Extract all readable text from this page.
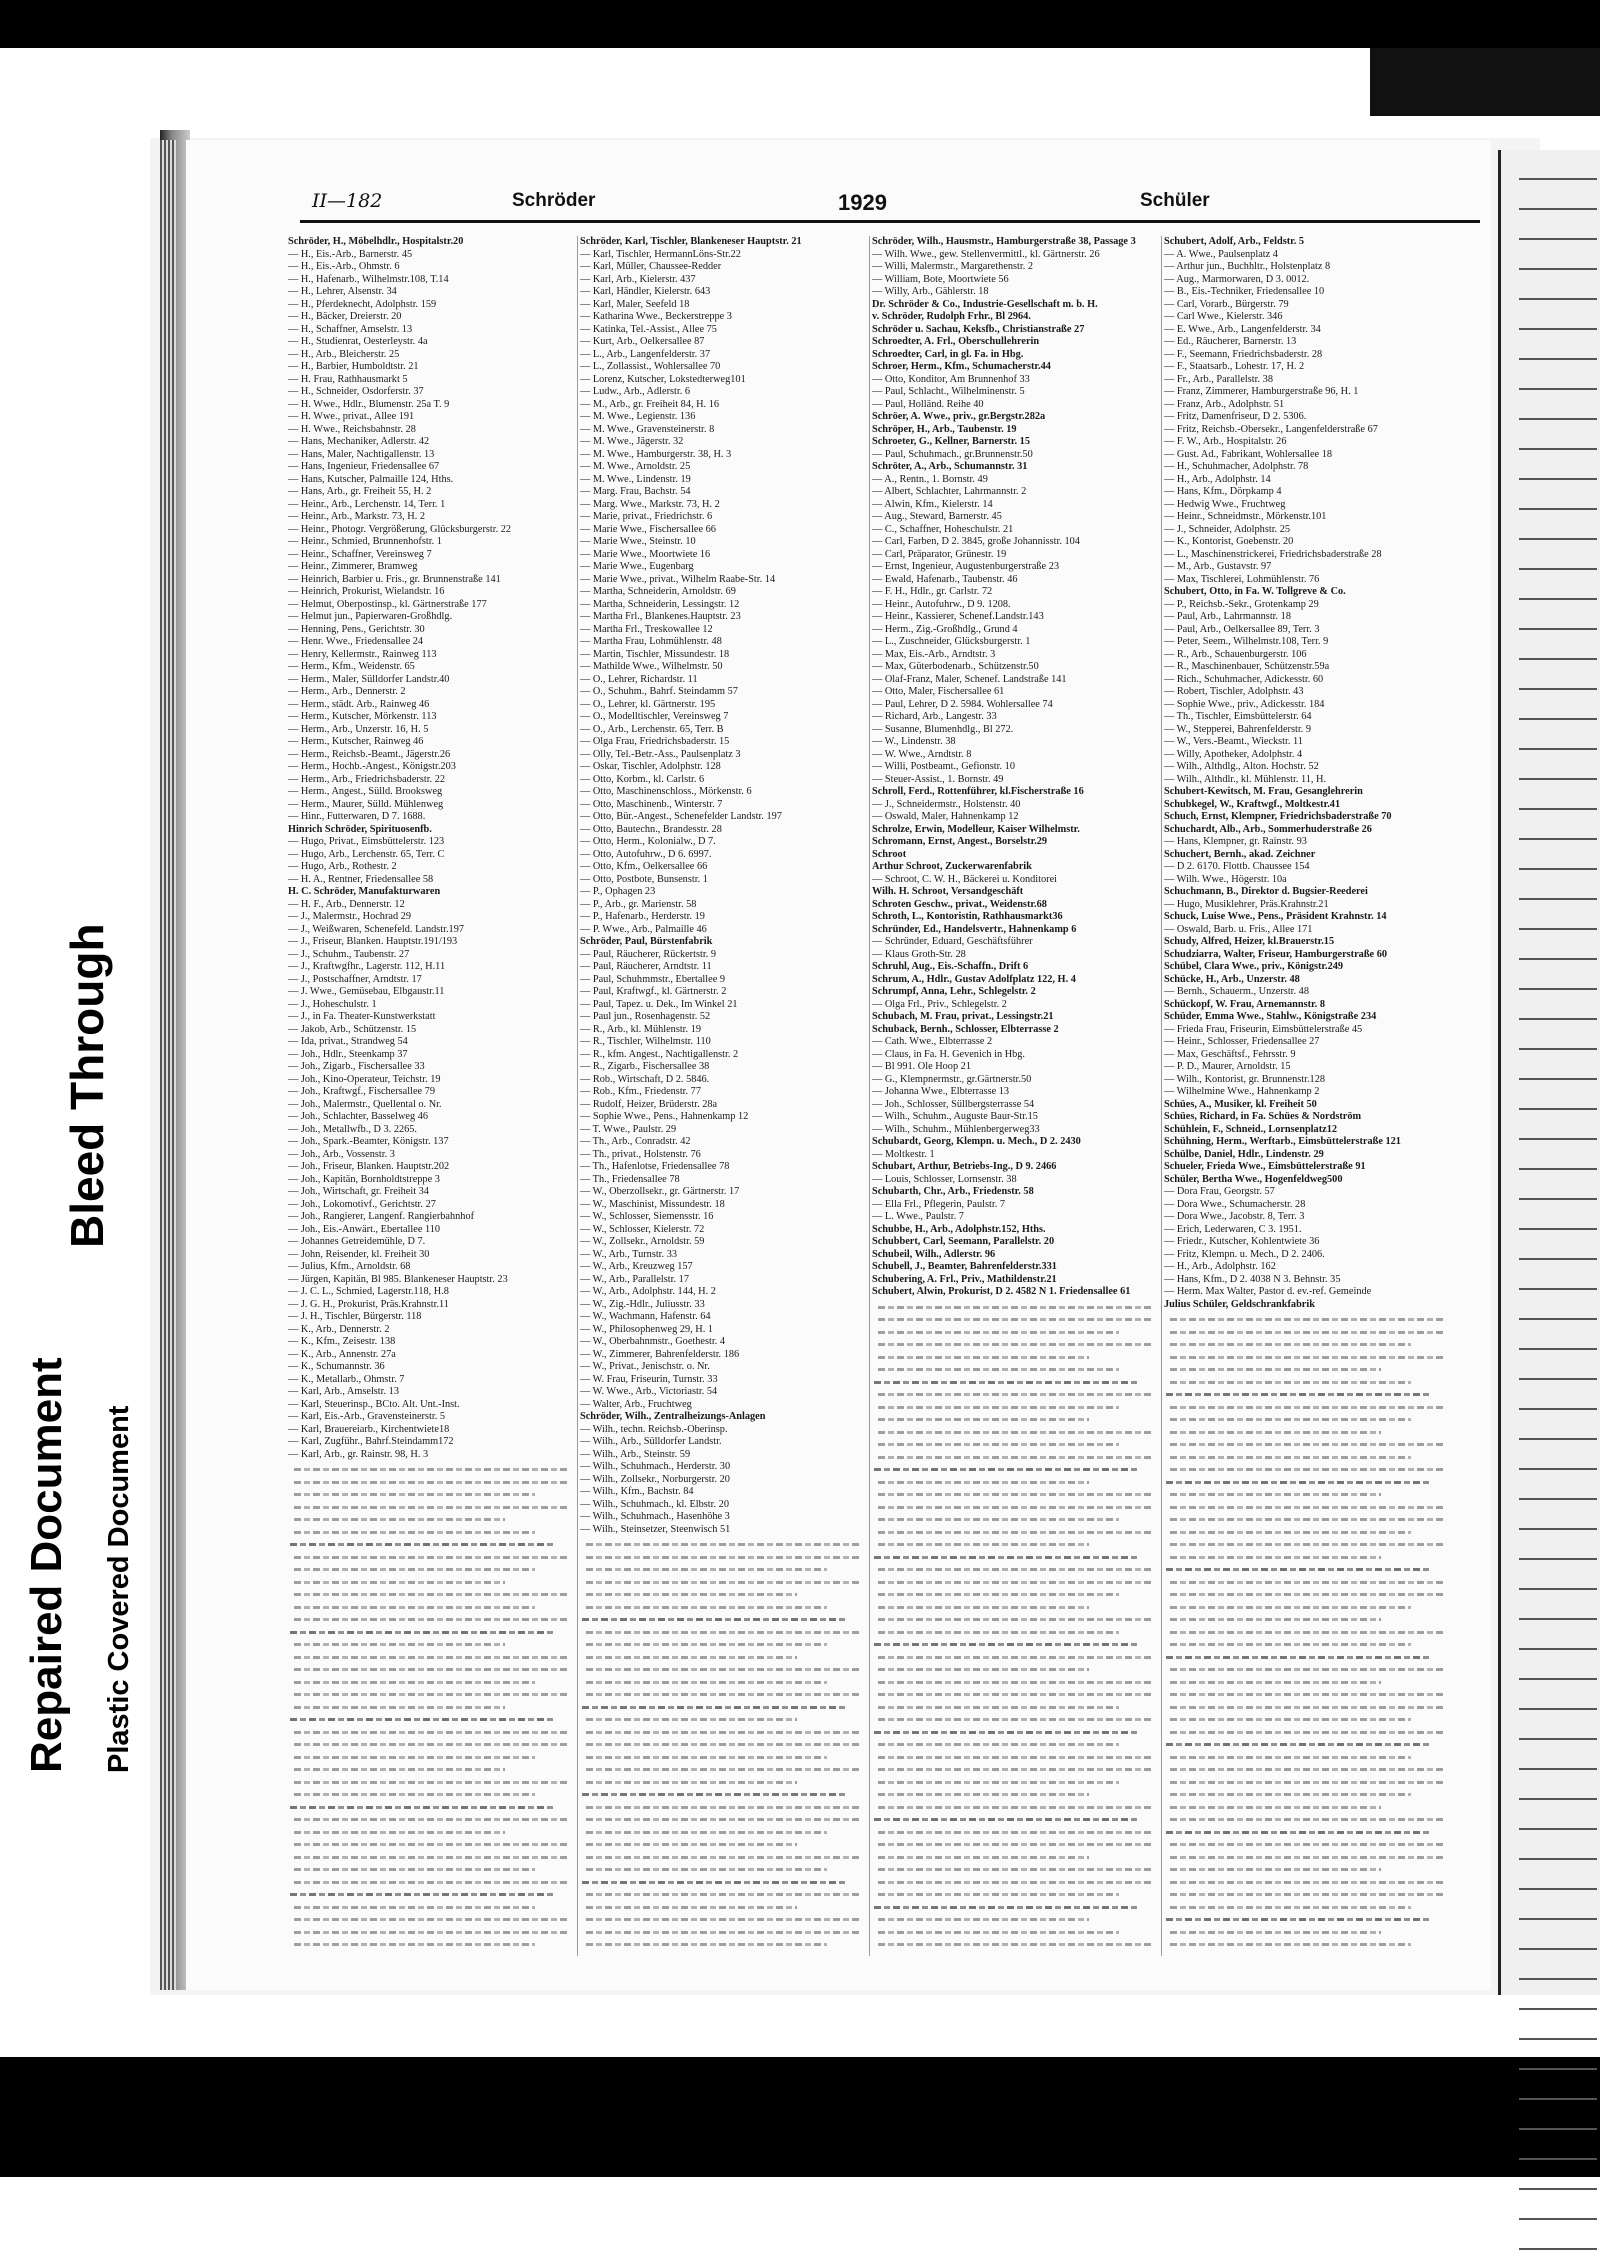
II—182	Schröder	1929	Schüler
Schröder, H., Möbelhdlr., Hospitalstr.20
— H., Eis.-Arb., Barnerstr. 45
— H., Eis.-Arb., Ohmstr. 6
— H., Hafenarb., Wilhelmstr.108, T.14
— H., Lehrer, Alsenstr. 34
— H., Pferdeknecht, Adolphstr. 159
— H., Bäcker, Dreierstr. 20
— H., Schaffner, Amselstr. 13
— H., Studienrat, Oesterleystr. 4a
— H., Arb., Bleicherstr. 25
— H., Barbier, Humboldtstr. 21
— H. Frau, Rathhausmarkt 5
— H., Schneider, Osdorferstr. 37
— H. Wwe., Hdlr., Blumenstr. 25a T. 9
— H. Wwe., privat., Allee 191
— H. Wwe., Reichsbahnstr. 28
— Hans, Mechaniker, Adlerstr. 42
— Hans, Maler, Nachtigallenstr. 13
— Hans, Ingenieur, Friedensallee 67
— Hans, Kutscher, Palmaille 124, Hths.
— Hans, Arb., gr. Freiheit 55, H. 2
— Heinr., Arb., Lerchenstr. 14, Terr. 1
— Heinr., Arb., Markstr. 73, H. 2
— Heinr., Photogr. Vergrößerung, Glücksburgerstr. 22
— Heinr., Schmied, Brunnenhofstr. 1
— Heinr., Schaffner, Vereinsweg 7
— Heinr., Zimmerer, Bramweg
— Heinrich, Barbier u. Fris., gr. Brunnenstraße 141
— Heinrich, Prokurist, Wielandstr. 16
— Helmut, Oberpostinsp., kl. Gärtnerstraße 177
— Helmut jun., Papierwaren-Großhdlg.
— Henning, Pens., Gerichtstr. 30
— Henr. Wwe., Friedensallee 24
— Henry, Kellermstr., Rainweg 113
— Herm., Kfm., Weidenstr. 65
— Herm., Maler, Sülldorfer Landstr.40
— Herm., Arb., Dennerstr. 2
— Herm., städt. Arb., Rainweg 46
— Herm., Kutscher, Mörkenstr. 113
— Herm., Arb., Unzerstr. 16, H. 5
— Herm., Kutscher, Rainweg 46
— Herm., Reichsb.-Beamt., Jägerstr.26
— Herm., Hochb.-Angest., Königstr.203
— Herm., Arb., Friedrichsbaderstr. 22
— Herm., Angest., Sülld. Brooksweg
— Herm., Maurer, Sülld. Mühlenweg
— Hinr., Futterwaren, D 7. 1688.
Hinrich Schröder, Spirituosenfb.
— Hugo, Privat., Eimsbüttelerstr. 123
— Hugo, Arb., Lerchenstr. 65, Terr. C
— Hugo, Arb., Rothestr. 2
— H. A., Rentner, Friedensallee 58
H. C. Schröder, Manufakturwaren
— H. F., Arb., Dennerstr. 12
— J., Malermstr., Hochrad 29
— J., Weißwaren, Schenefeld. Landstr.197
— J., Friseur, Blanken. Hauptstr.191/193
— J., Schuhm., Taubenstr. 27
— J., Kraftwgfhr., Lagerstr. 112, H.11
— J., Postschaffner, Arndtstr. 17
— J. Wwe., Gemüsebau, Elbgaustr.11
— J., Hoheschulstr. 1
— J., in Fa. Theater-Kunstwerkstatt
— Jakob, Arb., Schützenstr. 15
— Ida, privat., Strandweg 54
— Joh., Hdlr., Steenkamp 37
— Joh., Zigarb., Fischersallee 33
— Joh., Kino-Operateur, Teichstr. 19
— Joh., Kraftwgf., Fischersallee 79
— Joh., Malermstr., Quellental o. Nr.
— Joh., Schlachter, Basselweg 46
— Joh., Metallwfb., D 3. 2265.
— Joh., Spark.-Beamter, Königstr. 137
— Joh., Arb., Vossenstr. 3
— Joh., Friseur, Blanken. Hauptstr.202
— Joh., Kapitän, Bornholdtstreppe 3
— Joh., Wirtschaft, gr. Freiheit 34
— Joh., Lokomotivf., Gerichtstr. 27
— Joh., Rangierer, Langenf. Rangierbahnhof
— Joh., Eis.-Anwärt., Ebertallee 110
— Johannes Getreidemühle, D 7.
— John, Reisender, kl. Freiheit 30
— Julius, Kfm., Arnoldstr. 68
— Jürgen, Kapitän, Bl 985. Blankeneser Hauptstr. 23
— J. C. L., Schmied, Lagerstr.118, H.8
— J. G. H., Prokurist, Präs.Krahnstr.11
— J. H., Tischler, Bürgerstr. 118
— K., Arb., Dennerstr. 2
— K., Kfm., Zeisestr. 138
— K., Arb., Annenstr. 27a
— K., Schumannstr. 36
— K., Metallarb., Ohmstr. 7
— Karl, Arb., Amselstr. 13
— Karl, Steuerinsp., BCto. Alt. Unt.-Inst.
— Karl, Eis.-Arb., Gravensteinerstr. 5
— Karl, Brauereiarb., Kirchentwiete18
— Karl, Zugführ., Bahrf.Steindamm172
— Karl, Arb., gr. Rainstr. 98, H. 3
Schröder, Karl, Tischler, Blankeneser Hauptstr. 21
— Karl, Tischler, HermannLöns-Str.22
— Karl, Müller, Chaussee-Redder
— Karl, Arb., Kielerstr. 437
— Karl, Händler, Kielerstr. 643
— Karl, Maler, Seefeld 18
— Katharina Wwe., Beckerstreppe 3
— Katinka, Tel.-Assist., Allee 75
— Kurt, Arb., Oelkersallee 87
— L., Arb., Langenfelderstr. 37
— L., Zollassist., Wohlersallee 70
— Lorenz, Kutscher, Lokstedterweg101
— Ludw., Arb., Adlerstr. 6
— M., Arb., gr. Freiheit 84, H. 16
— M. Wwe., Legienstr. 136
— M. Wwe., Gravensteinerstr. 8
— M. Wwe., Jägerstr. 32
— M. Wwe., Hamburgerstr. 38, H. 3
— M. Wwe., Arnoldstr. 25
— M. Wwe., Lindenstr. 19
— Marg. Frau, Bachstr. 54
— Marg. Wwe., Markstr. 73, H. 2
— Marie, privat., Friedrichstr. 6
— Marie Wwe., Fischersallee 66
— Marie Wwe., Steinstr. 10
— Marie Wwe., Moortwiete 16
— Marie Wwe., Eugenbarg
— Marie Wwe., privat., Wilhelm Raabe-Str. 14
— Martha, Schneiderin, Arnoldstr. 69
— Martha, Schneiderin, Lessingstr. 12
— Martha Frl., Blankenes.Hauptstr. 23
— Martha Frl., Treskowallee 12
— Martha Frau, Lohmühlenstr. 48
— Martin, Tischler, Missundestr. 18
— Mathilde Wwe., Wilhelmstr. 50
— O., Lehrer, Richardstr. 11
— O., Schuhm., Bahrf. Steindamm 57
— O., Lehrer, kl. Gärtnerstr. 195
— O., Modelltischler, Vereinsweg 7
— O., Arb., Lerchenstr. 65, Terr. B
— Olga Frau, Friedrichsbaderstr. 15
— Olly, Tel.-Betr.-Ass., Paulsenplatz 3
— Oskar, Tischler, Adolphstr. 128
— Otto, Korbm., kl. Carlstr. 6
— Otto, Maschinenschloss., Mörkenstr. 6
— Otto, Maschinenb., Winterstr. 7
— Otto, Bür.-Angest., Schenefelder Landstr. 197
— Otto, Bautechn., Brandesstr. 28
— Otto, Herm., Kolonialw., D 7.
— Otto, Autofuhrw., D 6. 6997.
— Otto, Kfm., Oelkersallee 66
— Otto, Postbote, Bunsenstr. 1
— P., Ophagen 23
— P., Arb., gr. Marienstr. 58
— P., Hafenarb., Herderstr. 19
— P. Wwe., Arb., Palmaille 46
Schröder, Paul, Bürstenfabrik
— Paul, Räucherer, Rückertstr. 9
— Paul, Räucherer, Arndtstr. 11
— Paul, Schuhmmstr., Ebertallee 9
— Paul, Kraftwgf., kl. Gärtnerstr. 2
— Paul, Tapez. u. Dek., Im Winkel 21
— Paul jun., Rosenhagenstr. 52
— R., Arb., kl. Mühlenstr. 19
— R., Tischler, Wilhelmstr. 110
— R., kfm. Angest., Nachtigallenstr. 2
— R., Zigarb., Fischersallee 38
— Rob., Wirtschaft, D 2. 5846.
— Rob., Kfm., Friedenstr. 77
— Rudolf, Heizer, Brüderstr. 28a
— Sophie Wwe., Pens., Hahnenkamp 12
— T. Wwe., Paulstr. 29
— Th., Arb., Conradstr. 42
— Th., privat., Holstenstr. 76
— Th., Hafenlotse, Friedensallee 78
— Th., Friedensallee 78
— W., Oberzollsekr., gr. Gärtnerstr. 17
— W., Maschinist, Missundestr. 18
— W., Schlosser, Siemensstr. 16
— W., Schlosser, Kielerstr. 72
— W., Zollsekr., Arnoldstr. 59
— W., Arb., Turnstr. 33
— W., Arb., Kreuzweg 157
— W., Arb., Parallelstr. 17
— W., Arb., Adolphstr. 144, H. 2
— W., Zig.-Hdlr., Juliusstr. 33
— W., Wachmann, Hafenstr. 64
— W., Philosophenweg 29, H. 1
— W., Oberbahnmstr., Goethestr. 4
— W., Zimmerer, Bahrenfelderstr. 186
— W., Privat., Jenischstr. o. Nr.
— W. Frau, Friseurin, Turnstr. 33
— W. Wwe., Arb., Victoriastr. 54
— Walter, Arb., Fruchtweg
Schröder, Wilh., Zentralheizungs-Anlagen
— Wilh., techn. Reichsb.-Oberinsp.
— Wilh., Arb., Sülldorfer Landstr.
— Wilh., Arb., Steinstr. 59
— Wilh., Schuhmach., Herderstr. 30
— Wilh., Zollsekr., Norburgerstr. 20
— Wilh., Kfm., Bachstr. 84
— Wilh., Schuhmach., kl. Elbstr. 20
— Wilh., Schuhmach., Hasenhöhe 3
— Wilh., Steinsetzer, Steenwisch 51
Schröder, Wilh., Hausmstr., Hamburgerstraße 38, Passage 3
— Wilh. Wwe., gew. Stellenvermittl., kl. Gärtnerstr. 26
— Willi, Malermstr., Margarethenstr. 2
— William, Bote, Moortwiete 56
— Willy, Arb., Gählerstr. 18
Dr. Schröder & Co., Industrie-Gesellschaft m. b. H.
v. Schröder, Rudolph Frhr., Bl 2964.
Schröder u. Sachau, Keksfb., Christianstraße 27
Schroedter, A. Frl., Oberschullehrerin
Schroedter, Carl, in gl. Fa. in Hbg.
Schroer, Herm., Kfm., Schumacherstr.44
— Otto, Konditor, Am Brunnenhof 33
— Paul, Schlacht., Wilhelminenstr. 5
— Paul, Holländ. Reihe 40
Schröer, A. Wwe., priv., gr.Bergstr.282a
Schröper, H., Arb., Taubenstr. 19
Schroeter, G., Kellner, Barnerstr. 15
— Paul, Schuhmach., gr.Brunnenstr.50
Schröter, A., Arb., Schumannstr. 31
— A., Rentn., 1. Bornstr. 49
— Albert, Schlachter, Lahrmannstr. 2
— Alwin, Kfm., Kielerstr. 14
— Aug., Steward, Barnerstr. 45
— C., Schaffner, Hoheschulstr. 21
— Carl, Farben, D 2. 3845, große Johannisstr. 104
— Carl, Präparator, Grünestr. 19
— Ernst, Ingenieur, Augustenburgerstraße 23
— Ewald, Hafenarb., Taubenstr. 46
— F. H., Hdlr., gr. Carlstr. 72
— Heinr., Autofuhrw., D 9. 1208.
— Heinr., Kassierer, Schenef.Landstr.143
— Herm., Zig.-Großhdlg., Grund 4
— L., Zuschneider, Glücksburgerstr. 1
— Max, Eis.-Arb., Arndtstr. 3
— Max, Güterbodenarb., Schützenstr.50
— Olaf-Franz, Maler, Schenef. Landstraße 141
— Otto, Maler, Fischersallee 61
— Paul, Lehrer, D 2. 5984. Wohlersallee 74
— Richard, Arb., Langestr. 33
— Susanne, Blumenhdlg., Bl 272.
— W., Lindenstr. 38
— W. Wwe., Arndtstr. 8
— Willi, Postbeamt., Gefionstr. 10
— Steuer-Assist., 1. Bornstr. 49
Schroll, Ferd., Rottenführer, kl.Fischerstraße 16
— J., Schneidermstr., Holstenstr. 40
— Oswald, Maler, Hahnenkamp 12
Schrolze, Erwin, Modelleur, Kaiser Wilhelmstr.
Schromann, Ernst, Angest., Borselstr.29
Schroot
Arthur Schroot, Zuckerwarenfabrik
— Schroot, C. W. H., Bäckerei u. Konditorei
Wilh. H. Schroot, Versandgeschäft
Schroten Geschw., privat., Weidenstr.68
Schroth, L., Kontoristin, Rathhausmarkt36
Schründer, Ed., Handelsvertr., Hahnenkamp 6
— Schründer, Eduard, Geschäftsführer
— Klaus Groth-Str. 28
Schruhl, Aug., Eis.-Schaffn., Drift 6
Schrum, A., Hdlr., Gustav Adolfplatz 122, H. 4
Schrumpf, Anna, Lehr., Schlegelstr. 2
— Olga Frl., Priv., Schlegelstr. 2
Schubach, M. Frau, privat., Lessingstr.21
Schuback, Bernh., Schlosser, Elbterrasse 2
— Cath. Wwe., Elbterrasse 2
— Claus, in Fa. H. Gevenich in Hbg.
— Bl 991. Ole Hoop 21
— G., Klempnermstr., gr.Gärtnerstr.50
— Johanna Wwe., Elbterrasse 13
— Joh., Schlosser, Süllbergsterrasse 54
— Wilh., Schuhm., Auguste Baur-Str.15
— Wilh., Schuhm., Mühlenbergerweg33
Schubardt, Georg, Klempn. u. Mech., D 2. 2430
— Moltkestr. 1
Schubart, Arthur, Betriebs-Ing., D 9. 2466
— Louis, Schlosser, Lornsenstr. 38
Schubarth, Chr., Arb., Friedenstr. 58
— Ella Frl., Pflegerin, Paulstr. 7
— L. Wwe., Paulstr. 7
Schubbe, H., Arb., Adolphstr.152, Hths.
Schubbert, Carl, Seemann, Parallelstr. 20
Schubeil, Wilh., Adlerstr. 96
Schubell, J., Beamter, Bahrenfelderstr.331
Schubering, A. Frl., Priv., Mathildenstr.21
Schubert, Alwin, Prokurist, D 2. 4582 N 1. Friedensallee 61
Schubert, Adolf, Arb., Feldstr. 5
— A. Wwe., Paulsenplatz 4
— Arthur jun., Buchhltr., Holstenplatz 8
— Aug., Marmorwaren, D 3. 0012.
— B., Eis.-Techniker, Friedensallee 10
— Carl, Vorarb., Bürgerstr. 79
— Carl Wwe., Kielerstr. 346
— E. Wwe., Arb., Langenfelderstr. 34
— Ed., Räucherer, Barnerstr. 13
— F., Seemann, Friedrichsbaderstr. 28
— F., Staatsarb., Lohestr. 17, H. 2
— Fr., Arb., Parallelstr. 38
— Franz, Zimmerer, Hamburgerstraße 96, H. 1
— Franz, Arb., Adolphstr. 51
— Fritz, Damenfriseur, D 2. 5306.
— Fritz, Reichsb.-Obersekr., Langenfelderstraße 67
— F. W., Arb., Hospitalstr. 26
— Gust. Ad., Fabrikant, Wohlersallee 18
— H., Schuhmacher, Adolphstr. 78
— H., Arb., Adolphstr. 14
— Hans, Kfm., Dörpkamp 4
— Hedwig Wwe., Fruchtweg
— Heinr., Schneidmstr., Mörkenstr.101
— J., Schneider, Adolphstr. 25
— K., Kontorist, Goebenstr. 20
— L., Maschinenstrickerei, Friedrichsbaderstraße 28
— M., Arb., Gustavstr. 97
— Max, Tischlerei, Lohmühlenstr. 76
Schubert, Otto, in Fa. W. Tollgreve & Co.
— P., Reichsb.-Sekr., Grotenkamp 29
— Paul, Arb., Lahrmannstr. 18
— Paul, Arb., Oelkersallee 89, Terr. 3
— Peter, Seem., Wilhelmstr.108, Terr. 9
— R., Arb., Schauenburgerstr. 106
— R., Maschinenbauer, Schützenstr.59a
— Rich., Schuhmacher, Adickesstr. 60
— Robert, Tischler, Adolphstr. 43
— Sophie Wwe., priv., Adickesstr. 184
— Th., Tischler, Eimsbüttelerstr. 64
— W., Stepperei, Bahrenfelderstr. 9
— W., Vers.-Beamt., Wieckstr. 11
— Willy, Apotheker, Adolphstr. 4
— Wilh., Althdlg., Alton. Hochstr. 52
— Wilh., Althdlr., kl. Mühlenstr. 11, H.
Schubert-Kewitsch, M. Frau, Gesanglehrerin
Schubkegel, W., Kraftwgf., Moltkestr.41
Schuch, Ernst, Klempner, Friedrichsbaderstraße 70
Schuchardt, Alb., Arb., Sommerhuderstraße 26
— Hans, Klempner, gr. Rainstr. 93
Schuchert, Bernh., akad. Zeichner
— D 2. 6170. Flottb. Chaussee 154
— Wilh. Wwe., Högerstr. 10a
Schuchmann, B., Direktor d. Bugsier-Reederei
— Hugo, Musiklehrer, Präs.Krahnstr.21
Schuck, Luise Wwe., Pens., Präsident Krahnstr. 14
— Oswald, Barb. u. Fris., Allee 171
Schudy, Alfred, Heizer, kl.Brauerstr.15
Schudziarra, Walter, Friseur, Hamburgerstraße 60
Schübel, Clara Wwe., priv., Königstr.249
Schücke, H., Arb., Unzerstr. 48
— Bernh., Schauerm., Unzerstr. 48
Schückopf, W. Frau, Arnemannstr. 8
Schüder, Emma Wwe., Stahlw., Königstraße 234
— Frieda Frau, Friseurin, Eimsbüttelerstraße 45
— Heinr., Schlosser, Friedensallee 27
— Max, Geschäftsf., Fehrsstr. 9
— P. D., Maurer, Arnoldstr. 15
— Wilh., Kontorist, gr. Brunnenstr.128
— Wilhelmine Wwe., Hahnenkamp 2
Schües, A., Musiker, kl. Freiheit 50
Schües, Richard, in Fa. Schües & Nordström
Schühlein, F., Schneid., Lornsenplatz12
Schühning, Herm., Werftarb., Eimsbüttelerstraße 121
Schülbe, Daniel, Hdlr., Lindenstr. 29
Schueler, Frieda Wwe., Eimsbüttelerstraße 91
Schüler, Bertha Wwe., Hogenfeldweg500
— Dora Frau, Georgstr. 57
— Dora Wwe., Schumacherstr. 28
— Dora Wwe., Jacobstr. 8, Terr. 3
— Erich, Lederwaren, C 3. 1951.
— Friedr., Kutscher, Kohlentwiete 36
— Fritz, Klempn. u. Mech., D 2. 2406.
— H., Arb., Adolphstr. 162
— Hans, Kfm., D 2. 4038 N 3. Behnstr. 35
— Herm. Max Walter, Pastor d. ev.-ref. Gemeinde
Julius Schüler, Geldschrankfabrik
Repaired Document Plastic Covered Document
Bleed Through
